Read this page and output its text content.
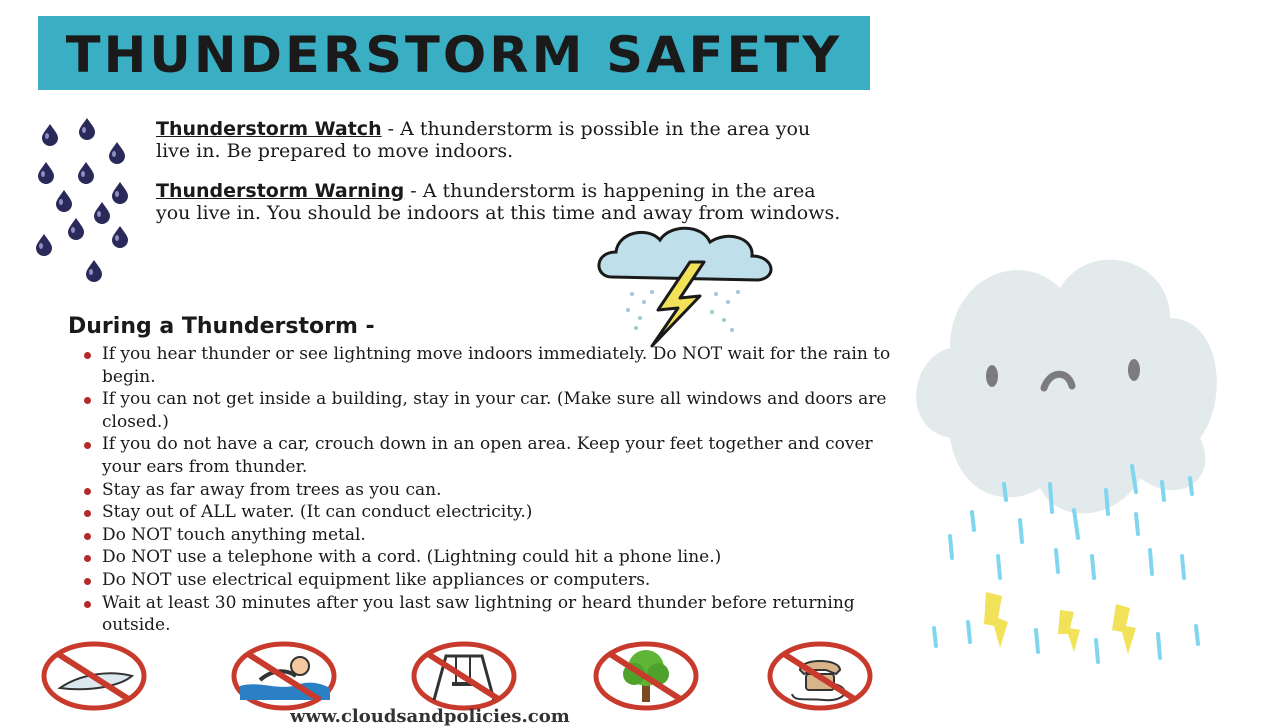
THUNDERSTORM SAFETY
Thunderstorm Watch - A thunderstorm is possible in the area you live in. Be prepared to move indoors.
Thunderstorm Warning - A thunderstorm is happening in the area you live in. You should be indoors at this time and away from windows.
During a Thunderstorm -
If you hear thunder or see lightning move indoors immediately. Do NOT wait for the rain to begin.
If you can not get inside a building, stay in your car. (Make sure all windows and doors are closed.)
If you do not have a car, crouch down in an open area. Keep your feet together and cover your ears from thunder.
Stay as far away from trees as you can.
Stay out of ALL water. (It can conduct electricity.)
Do NOT touch anything metal.
Do NOT use a telephone with a cord. (Lightning could hit a phone line.)
Do NOT use electrical equipment like appliances or computers.
Wait at least 30 minutes after you last saw lightning or heard thunder before returning outside.
www.cloudsandpolicies.com
